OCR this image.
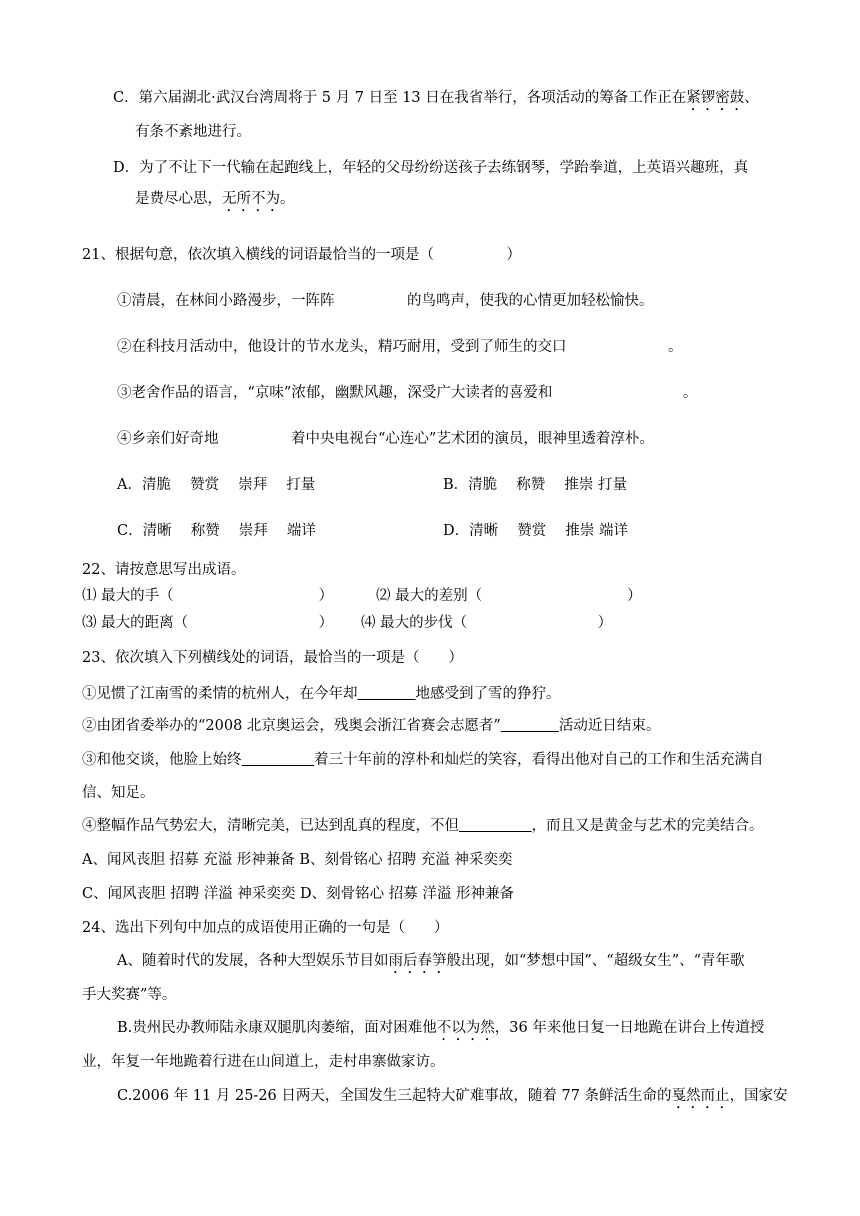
C．第六届湖北·武汉台湾周将于 5 月 7 日至 13 日在我省举行，各项活动的筹备工作正在紧锣密鼓、
有条不紊地进行。
D．为了不让下一代输在起跑线上，年轻的父母纷纷送孩子去练钢琴，学跆拳道，上英语兴趣班，真
是费尽心思，无所不为。
21、根据句意，依次填入横线的词语最恰当的一项是（　　　　　）
①清晨，在林间小路漫步，一阵阵　　　　　的鸟鸣声，使我的心情更加轻松愉快。
②在科技月活动中，他设计的节水龙头，精巧耐用，受到了师生的交口　　　　　　　。
③老舍作品的语言，“京味”浓郁，幽默风趣，深受广大读者的喜爱和　　　　　　　　　。
④乡亲们好奇地　　　　　着中央电视台“心连心”艺术团的演员，眼神里透着淳朴。
A．清脆　 赞赏　 崇拜　 打量	B．清脆　 称赞　 推崇 打量
C．清晰　 称赞　 崇拜　 端详	D．清晰　 赞赏　 推崇 端详
22、请按意思写出成语。
⑴ 最大的手（　　　　　　　　　　）	⑵ 最大的差别（　　　　　　　　　　）
⑶ 最大的距离（　　　　　　　　　） ⑷ 最大的步伐（　　　　　　　　　）
23、依次填入下列横线处的词语，最恰当的一项是（　　）
①见惯了江南雪的柔情的杭州人，在今年却　　　　	地感受到了雪的狰狞。
②由团省委举办的“2008 北京奥运会，残奥会浙江省赛会志愿者”　　　　	活动近日结束。
③和他交谈，他脸上始终　　　　　	着三十年前的淳朴和灿烂的笑容，看得出他对自己的工作和生活充满自
信、知足。
④整幅作品气势宏大，清晰完美，已达到乱真的程度，不但　　　　　	，而且又是黄金与艺术的完美结合。
A、闻风丧胆 招募 充溢 形神兼备 B、刻骨铭心 招聘 充溢 神采奕奕
C、闻风丧胆 招聘 洋溢 神采奕奕 D、刻骨铭心 招募 洋溢 形神兼备
24、选出下列句中加点的成语使用正确的一句是（　　）
A、随着时代的发展，各种大型娱乐节目如雨后春笋般出现，如“梦想中国”、“超级女生”、“青年歌
手大奖赛”等。
B.贵州民办教师陆永康双腿肌肉萎缩，面对困难他不以为然，36 年来他日复一日地跪在讲台上传道授
业，年复一年地跪着行进在山间道上，走村串寨做家访。
C.2006 年 11 月 25-26 日两天，全国发生三起特大矿难事故，随着 77 条鲜活生命的戛然而止，国家安
